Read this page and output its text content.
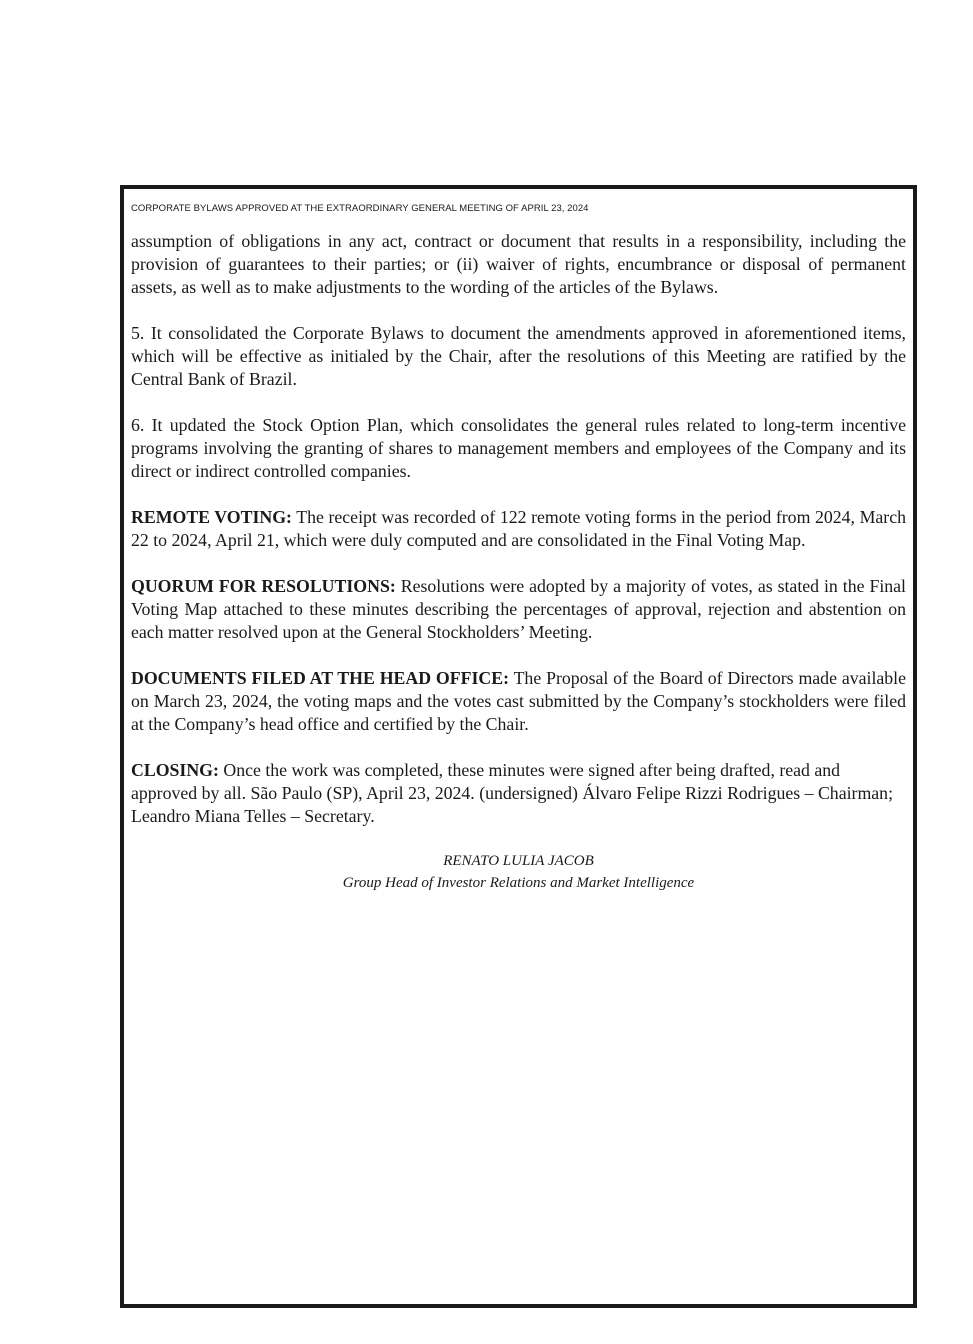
CORPORATE BYLAWS APPROVED AT THE EXTRAORDINARY GENERAL MEETING OF APRIL 23, 2024

assumption of obligations in any act, contract or document that results in a responsibility, including the provision of guarantees to their parties; or (ii) waiver of rights, encumbrance or disposal of permanent assets, as well as to make adjustments to the wording of the articles of the Bylaws.

5. It consolidated the Corporate Bylaws to document the amendments approved in aforementioned items, which will be effective as initialed by the Chair, after the resolutions of this Meeting are ratified by the Central Bank of Brazil.

6. It updated the Stock Option Plan, which consolidates the general rules related to long-term incentive programs involving the granting of shares to management members and employees of the Company and its direct or indirect controlled companies.

REMOTE VOTING: The receipt was recorded of 122 remote voting forms in the period from 2024, March 22 to 2024, April 21, which were duly computed and are consolidated in the Final Voting Map.

QUORUM FOR RESOLUTIONS: Resolutions were adopted by a majority of votes, as stated in the Final Voting Map attached to these minutes describing the percentages of approval, rejection and abstention on each matter resolved upon at the General Stockholders’ Meeting.

DOCUMENTS FILED AT THE HEAD OFFICE: The Proposal of the Board of Directors made available on March 23, 2024, the voting maps and the votes cast submitted by the Company’s stockholders were filed at the Company’s head office and certified by the Chair.

CLOSING: Once the work was completed, these minutes were signed after being drafted, read and approved by all. São Paulo (SP), April 23, 2024. (undersigned) Álvaro Felipe Rizzi Rodrigues – Chairman; Leandro Miana Telles – Secretary.

RENATO LULIA JACOB
Group Head of Investor Relations and Market Intelligence
